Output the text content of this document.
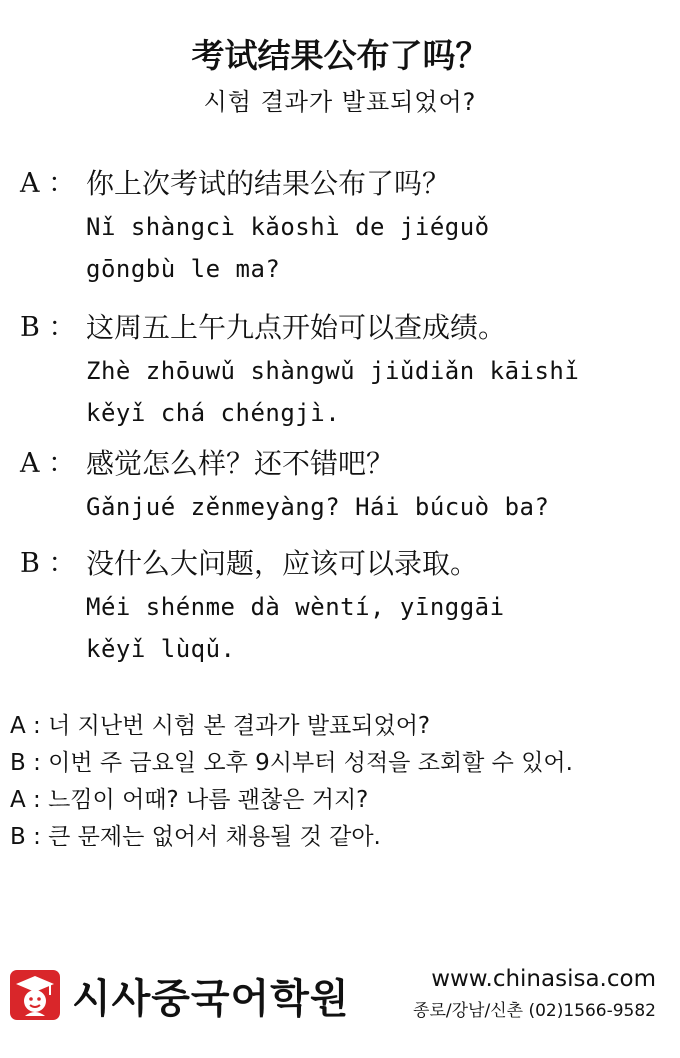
考试结果公布了吗？
시험 결과가 발표되었어?
A ： 你上次考试的结果公布了吗？
Nǐ shàngcì kǎoshì de jiéguǒ
gōngbù le ma?
B ： 这周五上午九点开始可以查成绩。
Zhè zhōuwǔ shàngwǔ jiǔdiǎn kāishǐ
kěyǐ chá chéngjì.
A ： 感觉怎么样？还不错吧？
Gǎnjué zěnmeyàng? Hái búcuò ba?
B ： 没什么大问题，应该可以录取。
Méi shénme dà wèntí, yīnggāi
kěyǐ lùqǔ.
A : 너 지난번 시험 본 결과가 발표되었어?
B : 이번 주 금요일 오후 9시부터 성적을 조회할 수 있어.
A : 느낌이 어때? 나름 괜찮은 거지?
B : 큰 문제는 없어서 채용될 것 같아.
시사중국어학원	www.chinasisa.com
종로/강남/신촌 (02)1566-9582
